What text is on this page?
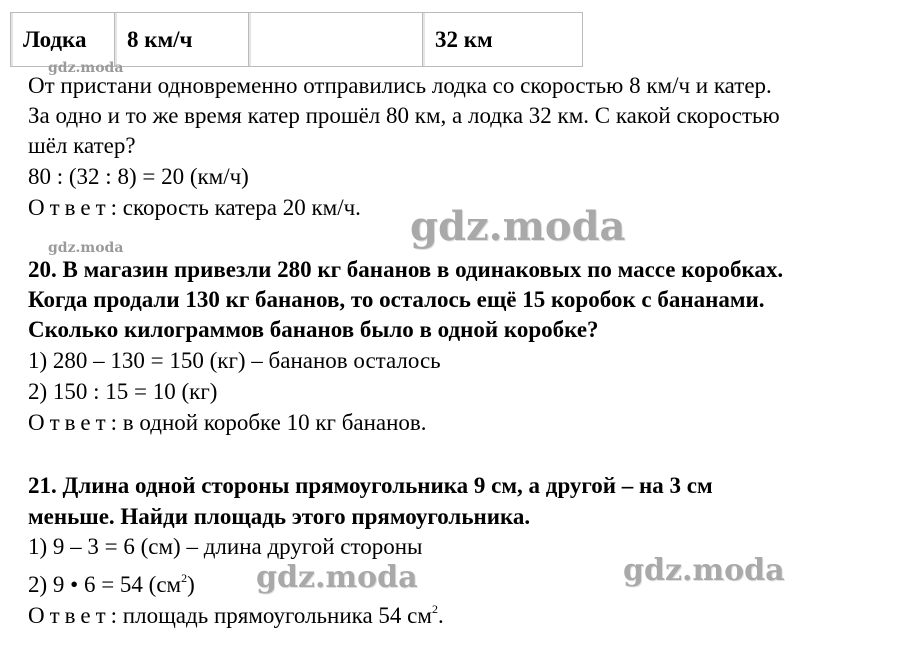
Лодка	8 км/ч		32 км
От пристани одновременно отправились лодка со скоростью 8 км/ч и катер.
За одно и то же время катер прошёл 80 км, а лодка 32 км. С какой скоростью
шёл катер?
80 : (32 : 8) = 20 (км/ч)
Ответ: скорость катера 20 км/ч.
20. В магазин привезли 280 кг бананов в одинаковых по массе коробках.
Когда продали 130 кг бананов, то осталось ещё 15 коробок с бананами.
Сколько килограммов бананов было в одной коробке?
1) 280 – 130 = 150 (кг) – бананов осталось
2) 150 : 15 = 10 (кг)
Ответ: в одной коробке 10 кг бананов.
21. Длина одной стороны прямоугольника 9 см, а другой – на 3 см
меньше. Найди площадь этого прямоугольника.
1) 9 – 3 = 6 (см) – длина другой стороны
2) 9 • 6 = 54 $(см^2)$
Ответ: площадь прямоугольника 54 $см^2$.
gdz.moda
gdz.moda	gdz.moda
gdz.moda	gdz.moda
